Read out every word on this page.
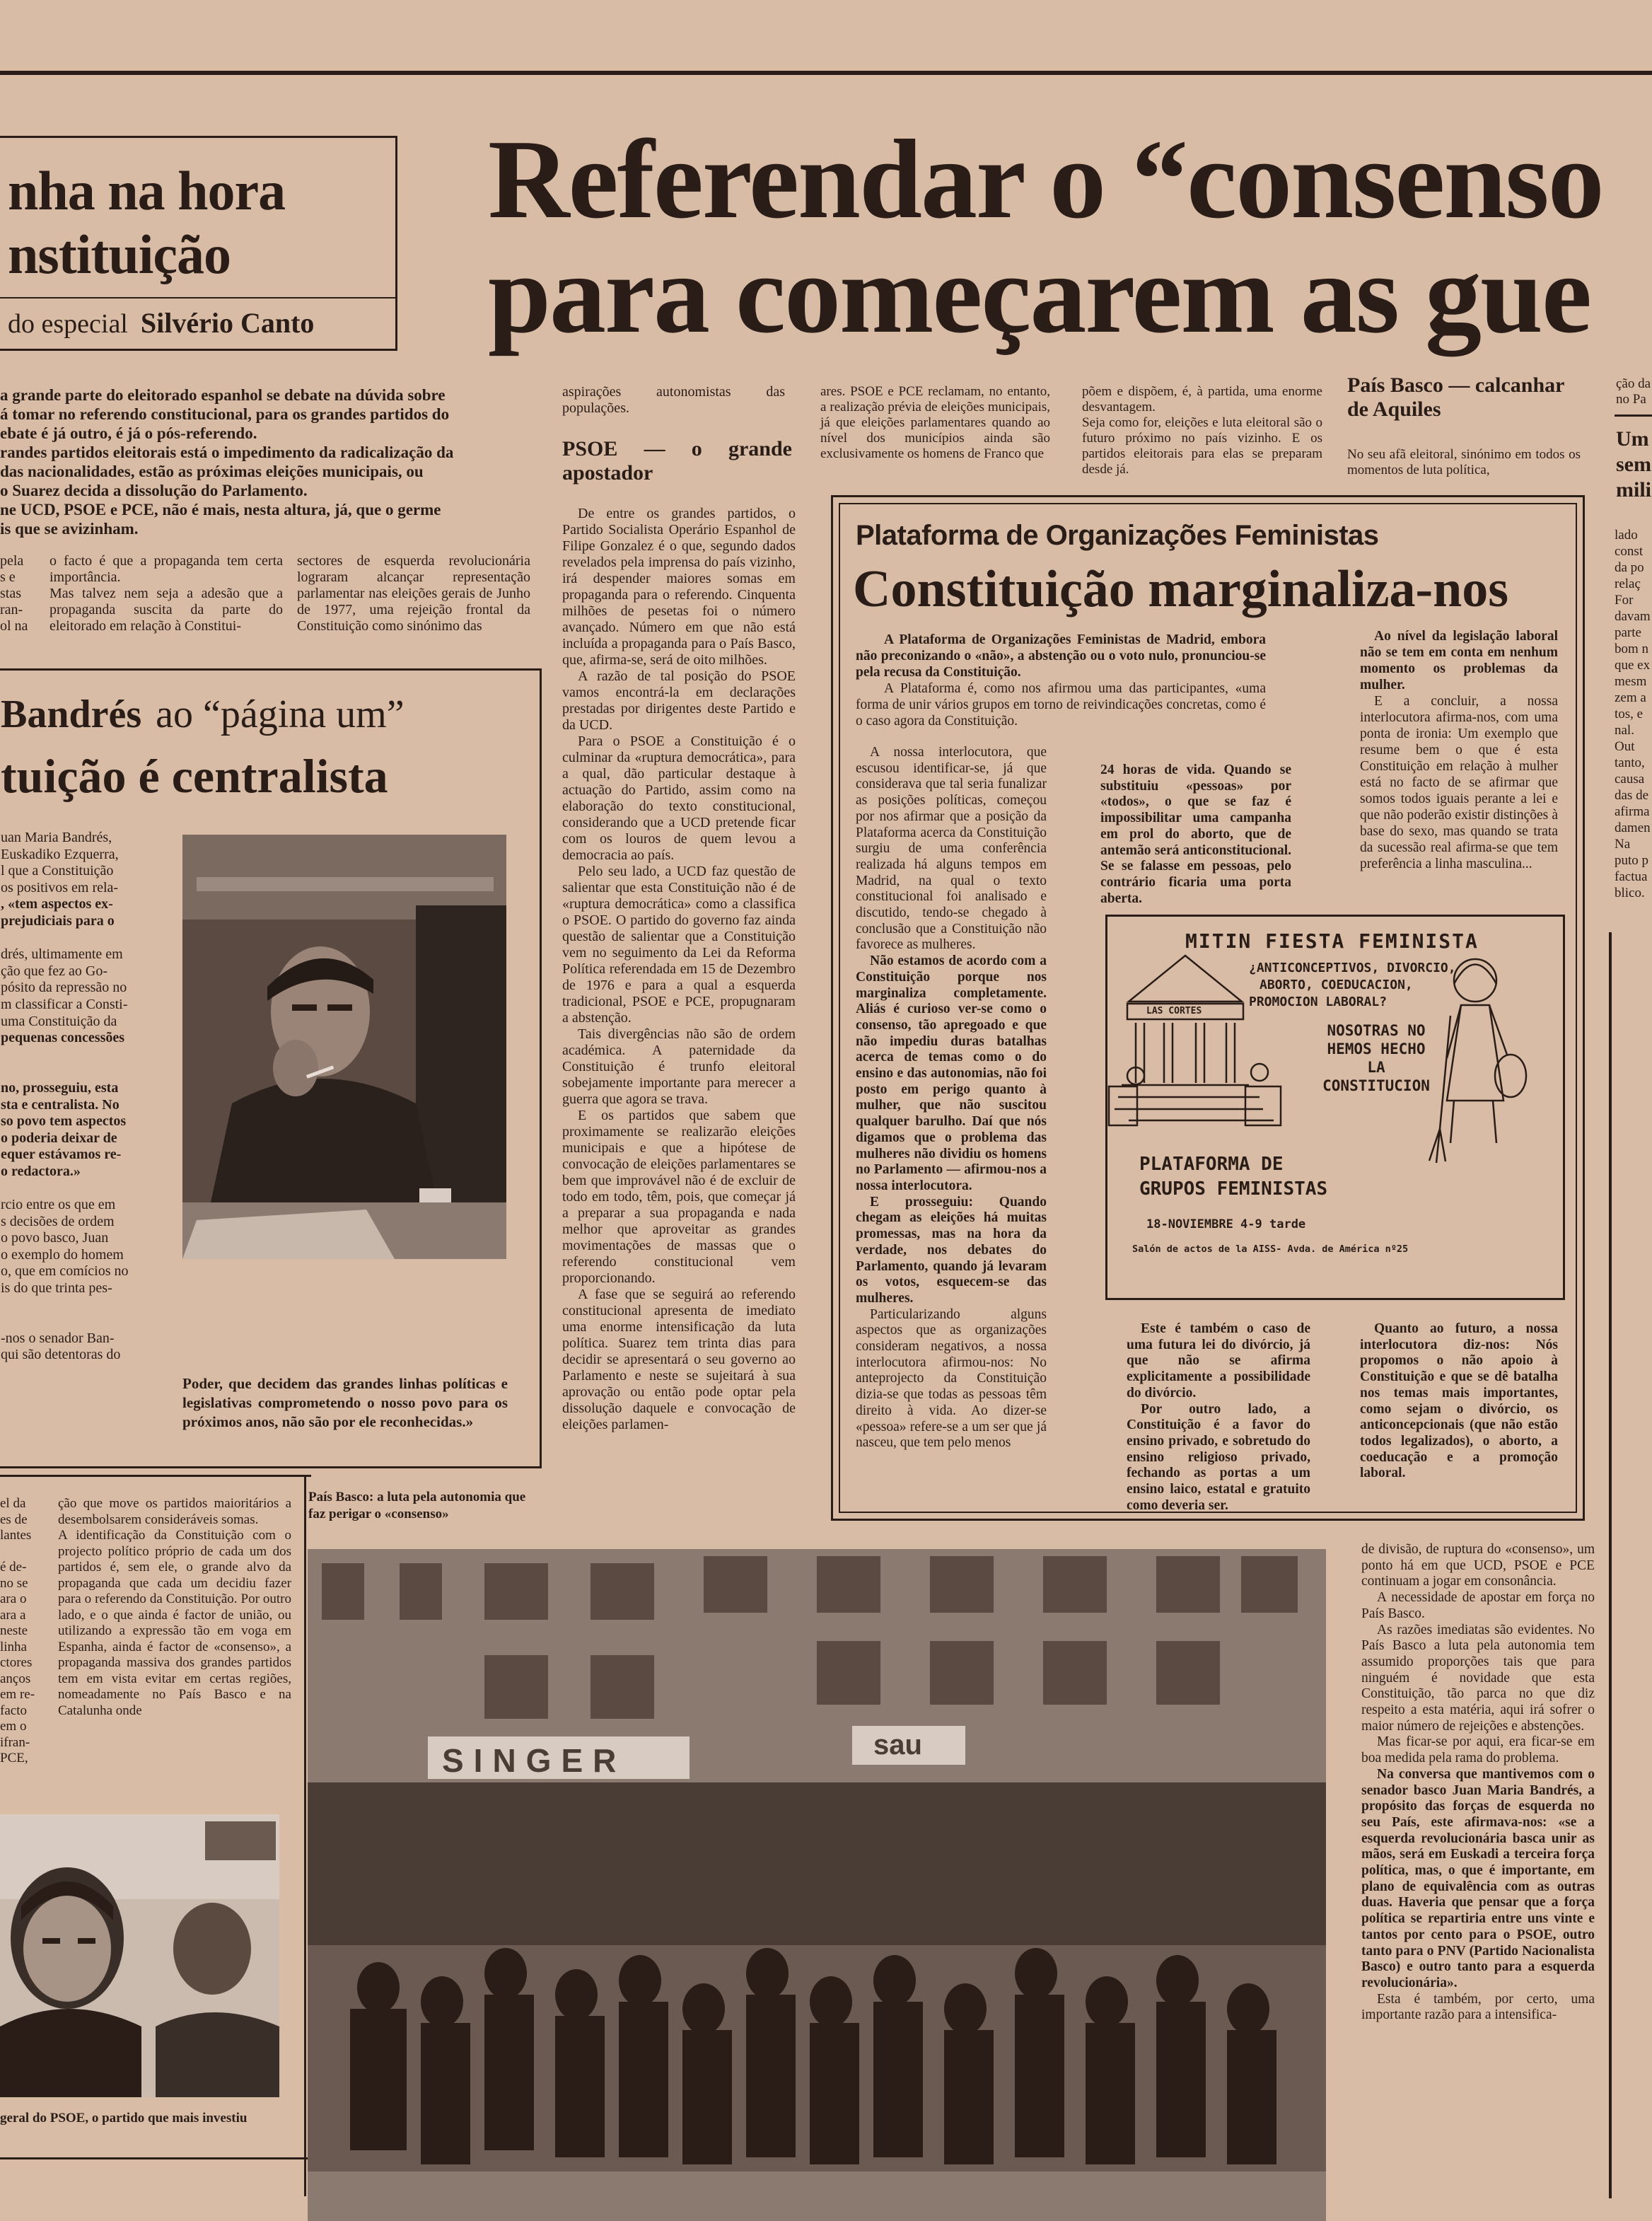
nha na hora
nstituição
do especial Silvério Canto
Referendar o “consenso
para começarem as gue
a grande parte do eleitorado espanhol se debate na dúvida sobre
á tomar no referendo constitucional, para os grandes partidos do
ebate é já outro, é já o pós-referendo.
randes partidos eleitorais está o impedimento da radicalização da
das nacionalidades, estão as próximas eleições municipais, ou
o Suarez decida a dissolução do Parlamento.
ne UCD, PSOE e PCE, não é mais, nesta altura, já, que o germe
is que se avizinham.
pela
s e
stas
ran-
ol na
o facto é que a propaganda tem certa importância.
Mas talvez nem seja a adesão que a propaganda suscita da parte do eleitorado em relação à Constitui-
sectores de esquerda revolucionária lograram alcançar representação parlamentar nas eleições gerais de Junho de 1977, uma rejeição frontal da Constituição como sinónimo das
Bandrés ao “página um”
tuição é centralista
uan Maria Bandrés,
Euskadiko Ezquerra,
l que a Constituição
os positivos em rela-
, «tem aspectos ex-
prejudiciais para o

drés, ultimamente em
ção que fez ao Go-
pósito da repressão no
m classificar a Consti-
uma Constituição da
pequenas concessões

no, prosseguiu, esta
sta e centralista. No
so povo tem aspectos
o poderia deixar de
equer estávamos re-
o redactora.»

rcio entre os que em
s decisões de ordem
o povo basco, Juan
o exemplo do homem
o, que em comícios no
is do que trinta pes-

-nos o senador Ban-
qui são detentoras do
Poder, que decidem das grandes linhas políticas e legislativas comprometendo o nosso povo para os próximos anos, não são por ele reconhecidas.»
aspirações autonomistas das populações.
PSOE — o grande apostador

De entre os grandes partidos, o Partido Socialista Operário Espanhol de Filipe Gonzalez é o que, segundo dados revelados pela imprensa do país vizinho, irá despender maiores somas em propaganda para o referendo. Cinquenta milhões de pesetas foi o número avançado. Número em que não está incluída a propaganda para o País Basco, que, afirma-se, será de oito milhões.

A razão de tal posição do PSOE vamos encontrá-la em declarações prestadas por dirigentes deste Partido e da UCD.

Para o PSOE a Constituição é o culminar da «ruptura democrática», para a qual, dão particular destaque à actuação do Partido, assim como na elaboração do texto constitucional, considerando que a UCD pretende ficar com os louros de quem levou a democracia ao país.

Pelo seu lado, a UCD faz questão de salientar que esta Constituição não é de «ruptura democrática» como a classifica o PSOE. O partido do governo faz ainda questão de salientar que a Constituição vem no seguimento da Lei da Reforma Política referendada em 15 de Dezembro de 1976 e para a qual a esquerda tradicional, PSOE e PCE, propugnaram a abstenção.

Tais divergências não são de ordem académica. A paternidade da Constituição é trunfo eleitoral sobejamente importante para merecer a guerra que agora se trava.

E os partidos que sabem que proximamente se realizarão eleições municipais e que a hipótese de convocação de eleições parlamentares se bem que improvável não é de excluir de todo em todo, têm, pois, que começar já a preparar a sua propaganda e nada melhor que aproveitar as grandes movimentações de massas que o referendo constitucional vem proporcionando.

A fase que se seguirá ao referendo constitucional apresenta de imediato uma enorme intensificação da luta política. Suarez tem trinta dias para decidir se apresentará o seu governo ao Parlamento e neste se sujeitará à sua aprovação ou então pode optar pela dissolução daquele e convocação de eleições parlamen-

ares. PSOE e PCE reclamam, no entanto, a realização prévia de eleições municipais, já que eleições parlamentares quando ao nível dos municípios ainda são exclusivamente os homens de Franco que
põem e dispõem, é, à partida, uma enorme desvantagem.
Seja como for, eleições e luta eleitoral são o futuro próximo no país vizinho. E os partidos eleitorais para elas se preparam desde já.
País Basco — calcanhar de Aquiles
No seu afã eleitoral, sinónimo em todos os momentos de luta política,
ção da
no Pa
Um
sem
mili
lado
const
da po
relaç
For
davam
parte
bom n
que ex
mesm
zem a
tos, e
nal.
Out
tanto,
causa
das de
afirma
damen
Na
puto p
factua
blico.
Plataforma de Organizações Feministas
Constituição marginaliza-nos
A Plataforma de Organizações Feministas de Madrid, embora não preconizando o «não», a abstenção ou o voto nulo, pronunciou-se pela recusa da Constituição.
A Plataforma é, como nos afirmou uma das participantes, «uma forma de unir vários grupos em torno de reivindicações concretas, como é o caso agora da Constituição.
Ao nível da legislação laboral não se tem em conta em nenhum momento os problemas da mulher.
E a concluir, a nossa interlocutora afirma-nos, com uma ponta de ironia: Um exemplo que resume bem o que é esta Constituição em relação à mulher está no facto de se afirmar que somos todos iguais perante a lei e que não poderão existir distinções à base do sexo, mas quando se trata da sucessão real afirma-se que tem preferência a linha masculina...
A nossa interlocutora, que escusou identificar-se, já que considerava que tal seria funalizar as posições políticas, começou por nos afirmar que a posição da Plataforma acerca da Constituição surgiu de uma conferência realizada há alguns tempos em Madrid, na qual o texto constitucional foi analisado e discutido, tendo-se chegado à conclusão que a Constituição não favorece as mulheres.
Não estamos de acordo com a Constituição porque nos marginaliza completamente. Aliás é curioso ver-se como o consenso, tão apregoado e que não impediu duras batalhas acerca de temas como o do ensino e das autonomias, não foi posto em perigo quanto à mulher, que não suscitou qualquer barulho. Daí que nós digamos que o problema das mulheres não dividiu os homens no Parlamento — afirmou-nos a nossa interlocutora.
E prosseguiu: Quando chegam as eleições há muitas promessas, mas na hora da verdade, nos debates do Parlamento, quando já levaram os votos, esquecem-se das mulheres.
Particularizando alguns aspectos que as organizações consideram negativos, a nossa interlocutora afirmou-nos: No anteprojecto da Constituição dizia-se que todas as pessoas têm direito à vida. Ao dizer-se «pessoa» refere-se a um ser que já nasceu, que tem pelo menos
24 horas de vida. Quando se substituiu «pessoas» por «todos», o que se faz é impossibilitar uma campanha em prol do aborto, que de antemão será anticonstitucional. Se se falasse em pessoas, pelo contrário ficaria uma porta aberta.
MITIN FIESTA FEMINISTA
¿ANTICONCEPTIVOS, DIVORCIO,
ABORTO, COEDUCACION,
PROMOCION LABORAL?
LAS CORTES
NOSOTRAS NO
HEMOS HECHO
LA
CONSTITUCION
PLATAFORMA DE
GRUPOS FEMINISTAS
18-NOVIEMBRE 4-9 tarde
Salón de actos de la AISS- Avda. de América nº25
Este é também o caso de uma futura lei do divórcio, já que não se afirma explicitamente a possibilidade do divórcio.
Por outro lado, a Constituição é a favor do ensino privado, e sobretudo do ensino religioso privado, fechando as portas a um ensino laico, estatal e gratuito como deveria ser.
Quanto ao futuro, a nossa interlocutora diz-nos: Nós propomos o não apoio à Constituição e que se dê batalha nos temas mais importantes, como sejam o divórcio, os anticoncepcionais (que não estão todos legalizados), o aborto, a coeducação e a promoção laboral.
el da
es de
lantes

é de-
no se
ara o
ara a
neste
linha
ctores
anços
em re-
facto
em o
ifran-
PCE,
ção que move os partidos maioritários a desembolsarem consideráveis somas.
A identificação da Constituição com o projecto político próprio de cada um dos partidos é, sem ele, o grande alvo da propaganda que cada um decidiu fazer para o referendo da Constituição. Por outro lado, e o que ainda é factor de união, ou utilizando a expressão tão em voga em Espanha, ainda é factor de «consenso», a propaganda massiva dos grandes partidos tem em vista evitar em certas regiões, nomeadamente no País Basco e na Catalunha onde
País Basco: a luta pela autonomia que faz perigar o «consenso»
geral do PSOE, o partido que mais investiu
SINGER	sau

de divisão, de ruptura do «consenso», um ponto há em que UCD, PSOE e PCE continuam a jogar em consonância.

A necessidade de apostar em força no País Basco.

As razões imediatas são evidentes. No País Basco a luta pela autonomia tem assumido proporções tais que para ninguém é novidade que esta Constituição, tão parca no que diz respeito a esta matéria, aqui irá sofrer o maior número de rejeições e abstenções.

Mas ficar-se por aqui, era ficar-se em boa medida pela rama do problema.

Na conversa que mantivemos com o senador basco Juan Maria Bandrés, a propósito das forças de esquerda no seu País, este afirmava-nos: «se a esquerda revolucionária basca unir as mãos, será em Euskadi a terceira força política, mas, o que é importante, em plano de equivalência com as outras duas. Haveria que pensar que a força política se repartiria entre uns vinte e tantos por cento para o PSOE, outro tanto para o PNV (Partido Nacionalista Basco) e outro tanto para a esquerda revolucionária».

Esta é também, por certo, uma importante razão para a intensifica-
